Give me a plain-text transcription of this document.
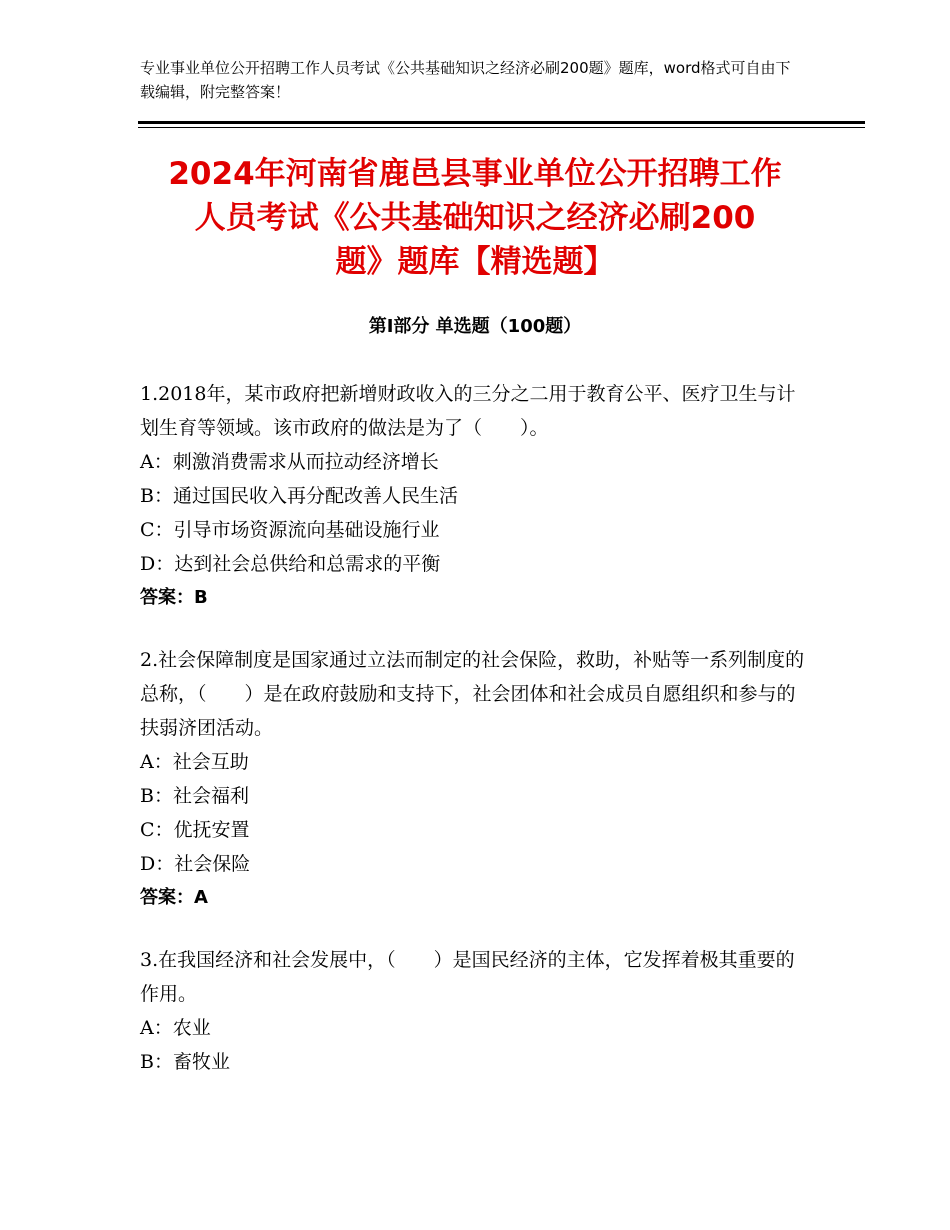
专业事业单位公开招聘工作人员考试《公共基础知识之经济必刷200题》题库，word格式可自由下载编辑，附完整答案！
2024年河南省鹿邑县事业单位公开招聘工作
人员考试《公共基础知识之经济必刷200
题》题库【精选题】
第Ⅰ部分 单选题（100题）

1.2018年，某市政府把新增财政收入的三分之二用于教育公平、医疗卫生与计划生育等领域。该市政府的做法是为了（　　）。

A：刺激消费需求从而拉动经济增长

B：通过国民收入再分配改善人民生活

C：引导市场资源流向基础设施行业

D：达到社会总供给和总需求的平衡

答案：B

2.社会保障制度是国家通过立法而制定的社会保险，救助，补贴等一系列制度的总称，（　　）是在政府鼓励和支持下，社会团体和社会成员自愿组织和参与的扶弱济团活动。

A：社会互助

B：社会福利

C：优抚安置

D：社会保险

答案：A

3.在我国经济和社会发展中，（　　）是国民经济的主体，它发挥着极其重要的作用。

A：农业

B：畜牧业
